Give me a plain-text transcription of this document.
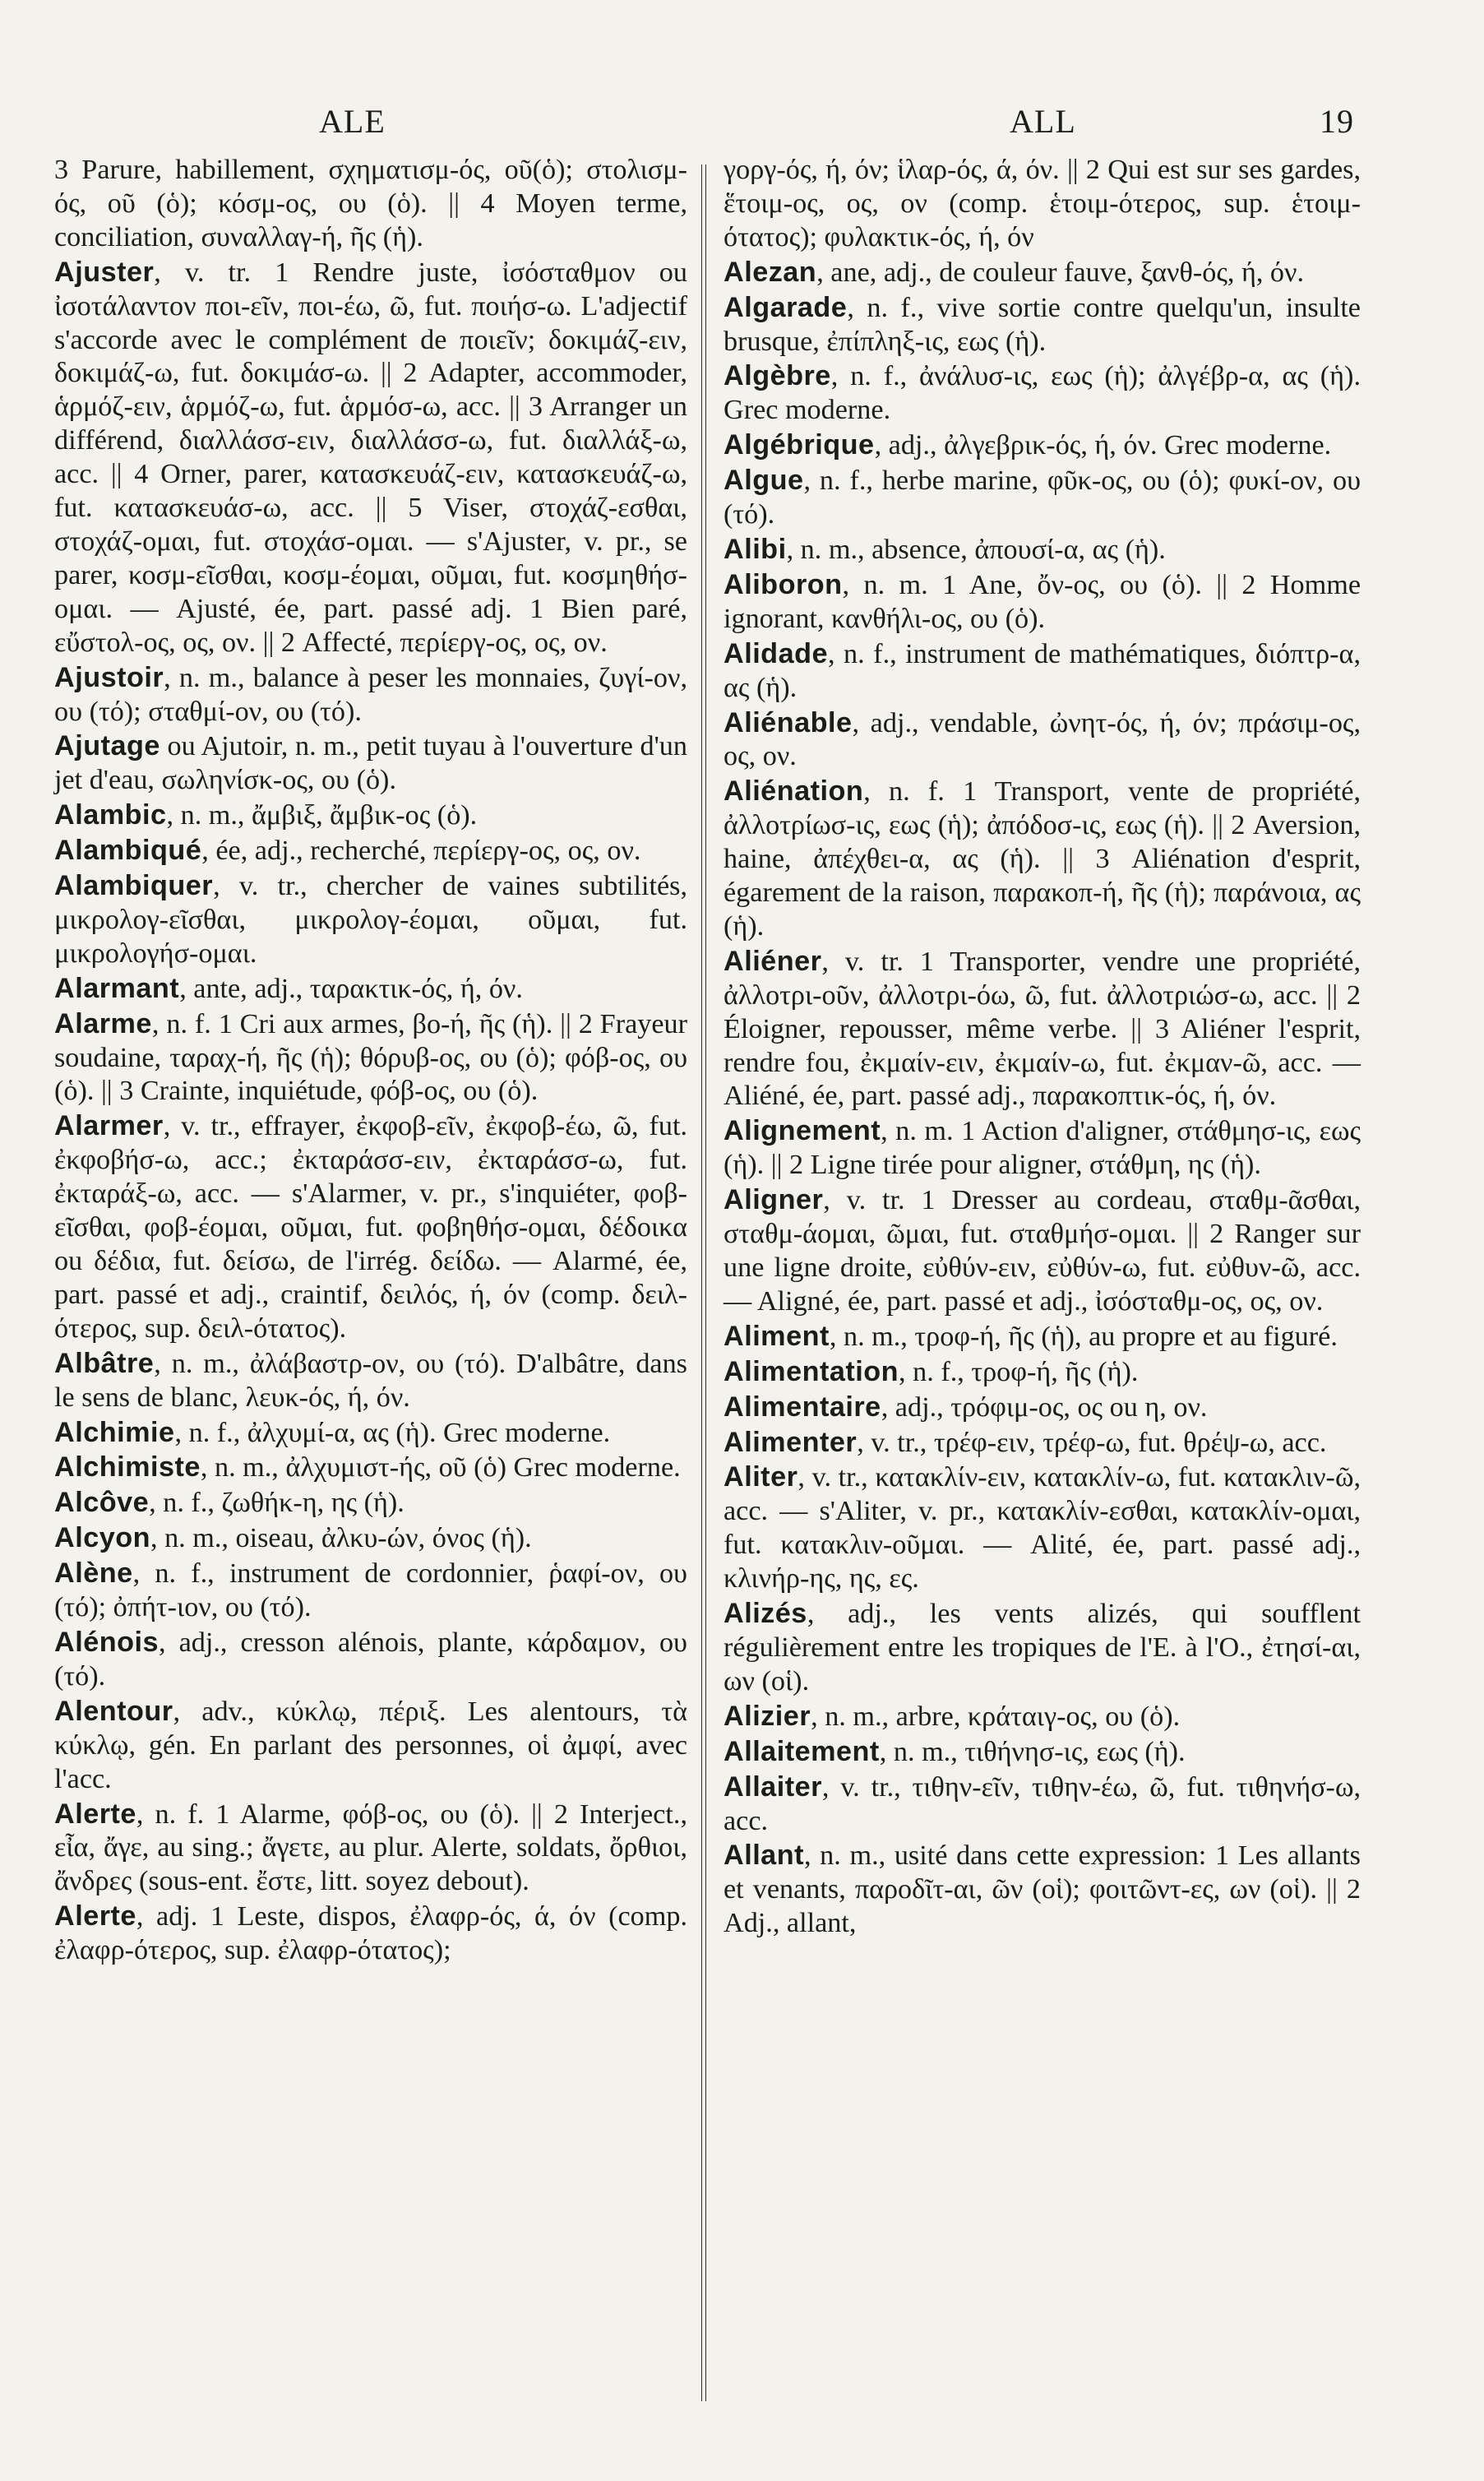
ALE	ALL	19
3 Parure, habillement, σχηματισμ-ός, οῦ(ὁ); στολισμ-ός, οῦ (ὁ); κόσμ-ος, ου (ὁ). || 4 Moyen terme, conciliation, συναλλαγ-ή, ῆς (ἡ).
Ajuster, v. tr. 1 Rendre juste, ἰσόσταθμον ou ἰσοτάλαντον ποι-εῖν, ποι-έω, ῶ, fut. ποιήσ-ω. L'adjectif s'accorde avec le complément de ποιεῖν; δοκιμάζ-ειν, δοκιμάζ-ω, fut. δοκιμάσ-ω. || 2 Adapter, accommoder, ἁρμόζ-ειν, ἁρμόζ-ω, fut. ἁρμόσ-ω, acc. || 3 Arranger un différend, διαλλάσσ-ειν, διαλλάσσ-ω, fut. διαλλάξ-ω, acc. || 4 Orner, parer, κατασκευάζ-ειν, κατασκευάζ-ω, fut. κατασκευάσ-ω, acc. || 5 Viser, στοχάζ-εσθαι, στοχάζ-ομαι, fut. στοχάσ-ομαι. — s'Ajuster, v. pr., se parer, κοσμ-εῖσθαι, κοσμ-έομαι, οῦμαι, fut. κοσμηθήσ-ομαι. — Ajusté, ée, part. passé adj. 1 Bien paré, εὔστολ-ος, ος, ον. || 2 Affecté, περίεργ-ος, ος, ον.
Ajustoir, n. m., balance à peser les monnaies, ζυγί-ον, ου (τό); σταθμί-ον, ου (τό).
Ajutage ou Ajutoir, n. m., petit tuyau à l'ouverture d'un jet d'eau, σωληνίσκ-ος, ου (ὁ).
Alambic, n. m., ἄμβιξ, ἄμβικ-ος (ὁ).
Alambiqué, ée, adj., recherché, περίεργ-ος, ος, ον.
Alambiquer, v. tr., chercher de vaines subtilités, μικρολογ-εῖσθαι, μικρολογ-έομαι, οῦμαι, fut. μικρολογήσ-ομαι.
Alarmant, ante, adj., ταρακτικ-ός, ή, όν.
Alarme, n. f. 1 Cri aux armes, βο-ή, ῆς (ἡ). || 2 Frayeur soudaine, ταραχ-ή, ῆς (ἡ); θόρυβ-ος, ου (ὁ); φόβ-ος, ου (ὁ). || 3 Crainte, inquiétude, φόβ-ος, ου (ὁ).
Alarmer, v. tr., effrayer, ἐκφοβ-εῖν, ἐκφοβ-έω, ῶ, fut. ἐκφοβήσ-ω, acc.; ἐκταράσσ-ειν, ἐκταράσσ-ω, fut. ἐκταράξ-ω, acc. — s'Alarmer, v. pr., s'inquiéter, φοβ-εῖσθαι, φοβ-έομαι, οῦμαι, fut. φοβηθήσ-ομαι, δέδοικα ou δέδια, fut. δείσω, de l'irrég. δείδω. — Alarmé, ée, part. passé et adj., craintif, δειλός, ή, όν (comp. δειλ-ότερος, sup. δειλ-ότατος).
Albâtre, n. m., ἀλάβαστρ-ον, ου (τό). D'albâtre, dans le sens de blanc, λευκ-ός, ή, όν.
Alchimie, n. f., ἀλχυμί-α, ας (ἡ). Grec moderne.
Alchimiste, n. m., ἀλχυμιστ-ής, οῦ (ὁ) Grec moderne.
Alcôve, n. f., ζωθήκ-η, ης (ἡ).
Alcyon, n. m., oiseau, ἀλκυ-ών, όνος (ἡ).
Alène, n. f., instrument de cordonnier, ῥαφί-ον, ου (τό); ὀπήτ-ιον, ου (τό).
Alénois, adj., cresson alénois, plante, κάρδαμον, ου (τό).
Alentour, adv., κύκλῳ, πέριξ. Les alentours, τὰ κύκλῳ, gén. En parlant des personnes, οἱ ἀμφί, avec l'acc.
Alerte, n. f. 1 Alarme, φόβ-ος, ου (ὁ). || 2 Interject., εἶα, ἄγε, au sing.; ἄγετε, au plur. Alerte, soldats, ὄρθιοι, ἄνδρες (sous-ent. ἔστε, litt. soyez debout).
Alerte, adj. 1 Leste, dispos, ἐλαφρ-ός, ά, όν (comp. ἐλαφρ-ότερος, sup. ἐλαφρ-ότατος);
γοργ-ός, ή, όν; ἱλαρ-ός, ά, όν. || 2 Qui est sur ses gardes, ἕτοιμ-ος, ος, ον (comp. ἑτοιμ-ότερος, sup. ἑτοιμ-ότατος); φυλακτικ-ός, ή, όν
Alezan, ane, adj., de couleur fauve, ξανθ-ός, ή, όν.
Algarade, n. f., vive sortie contre quelqu'un, insulte brusque, ἐπίπληξ-ις, εως (ἡ).
Algèbre, n. f., ἀνάλυσ-ις, εως (ἡ); ἀλγέβρ-α, ας (ἡ). Grec moderne.
Algébrique, adj., ἀλγεβρικ-ός, ή, όν. Grec moderne.
Algue, n. f., herbe marine, φῦκ-ος, ου (ὁ); φυκί-ον, ου (τό).
Alibi, n. m., absence, ἀπουσί-α, ας (ἡ).
Aliboron, n. m. 1 Ane, ὄν-ος, ου (ὁ). || 2 Homme ignorant, κανθήλι-ος, ου (ὁ).
Alidade, n. f., instrument de mathématiques, διόπτρ-α, ας (ἡ).
Aliénable, adj., vendable, ὠνητ-ός, ή, όν; πράσιμ-ος, ος, ον.
Aliénation, n. f. 1 Transport, vente de propriété, ἀλλοτρίωσ-ις, εως (ἡ); ἀπόδοσ-ις, εως (ἡ). || 2 Aversion, haine, ἀπέχθει-α, ας (ἡ). || 3 Aliénation d'esprit, égarement de la raison, παρακοπ-ή, ῆς (ἡ); παράνοια, ας (ἡ).
Aliéner, v. tr. 1 Transporter, vendre une propriété, ἀλλοτρι-οῦν, ἀλλοτρι-όω, ῶ, fut. ἀλλοτριώσ-ω, acc. || 2 Éloigner, repousser, même verbe. || 3 Aliéner l'esprit, rendre fou, ἐκμαίν-ειν, ἐκμαίν-ω, fut. ἐκμαν-ῶ, acc. — Aliéné, ée, part. passé adj., παρακοπτικ-ός, ή, όν.
Alignement, n. m. 1 Action d'aligner, στάθμησ-ις, εως (ἡ). || 2 Ligne tirée pour aligner, στάθμη, ης (ἡ).
Aligner, v. tr. 1 Dresser au cordeau, σταθμ-ᾶσθαι, σταθμ-άομαι, ῶμαι, fut. σταθμήσ-ομαι. || 2 Ranger sur une ligne droite, εὐθύν-ειν, εὐθύν-ω, fut. εὐθυν-ῶ, acc. — Aligné, ée, part. passé et adj., ἰσόσταθμ-ος, ος, ον.
Aliment, n. m., τροφ-ή, ῆς (ἡ), au propre et au figuré.
Alimentation, n. f., τροφ-ή, ῆς (ἡ).
Alimentaire, adj., τρόφιμ-ος, ος ou η, ον.
Alimenter, v. tr., τρέφ-ειν, τρέφ-ω, fut. θρέψ-ω, acc.
Aliter, v. tr., κατακλίν-ειν, κατακλίν-ω, fut. κατακλιν-ῶ, acc. — s'Aliter, v. pr., κατακλίν-εσθαι, κατακλίν-ομαι, fut. κατακλιν-οῦμαι. — Alité, ée, part. passé adj., κλινήρ-ης, ης, ες.
Alizés, adj., les vents alizés, qui soufflent régulièrement entre les tropiques de l'E. à l'O., ἐτησί-αι, ων (οἱ).
Alizier, n. m., arbre, κράταιγ-ος, ου (ὁ).
Allaitement, n. m., τιθήνησ-ις, εως (ἡ).
Allaiter, v. tr., τιθην-εῖν, τιθην-έω, ῶ, fut. τιθηνήσ-ω, acc.
Allant, n. m., usité dans cette expression: 1 Les allants et venants, παροδῖτ-αι, ῶν (οἱ); φοιτῶντ-ες, ων (οἱ). || 2 Adj., allant,
